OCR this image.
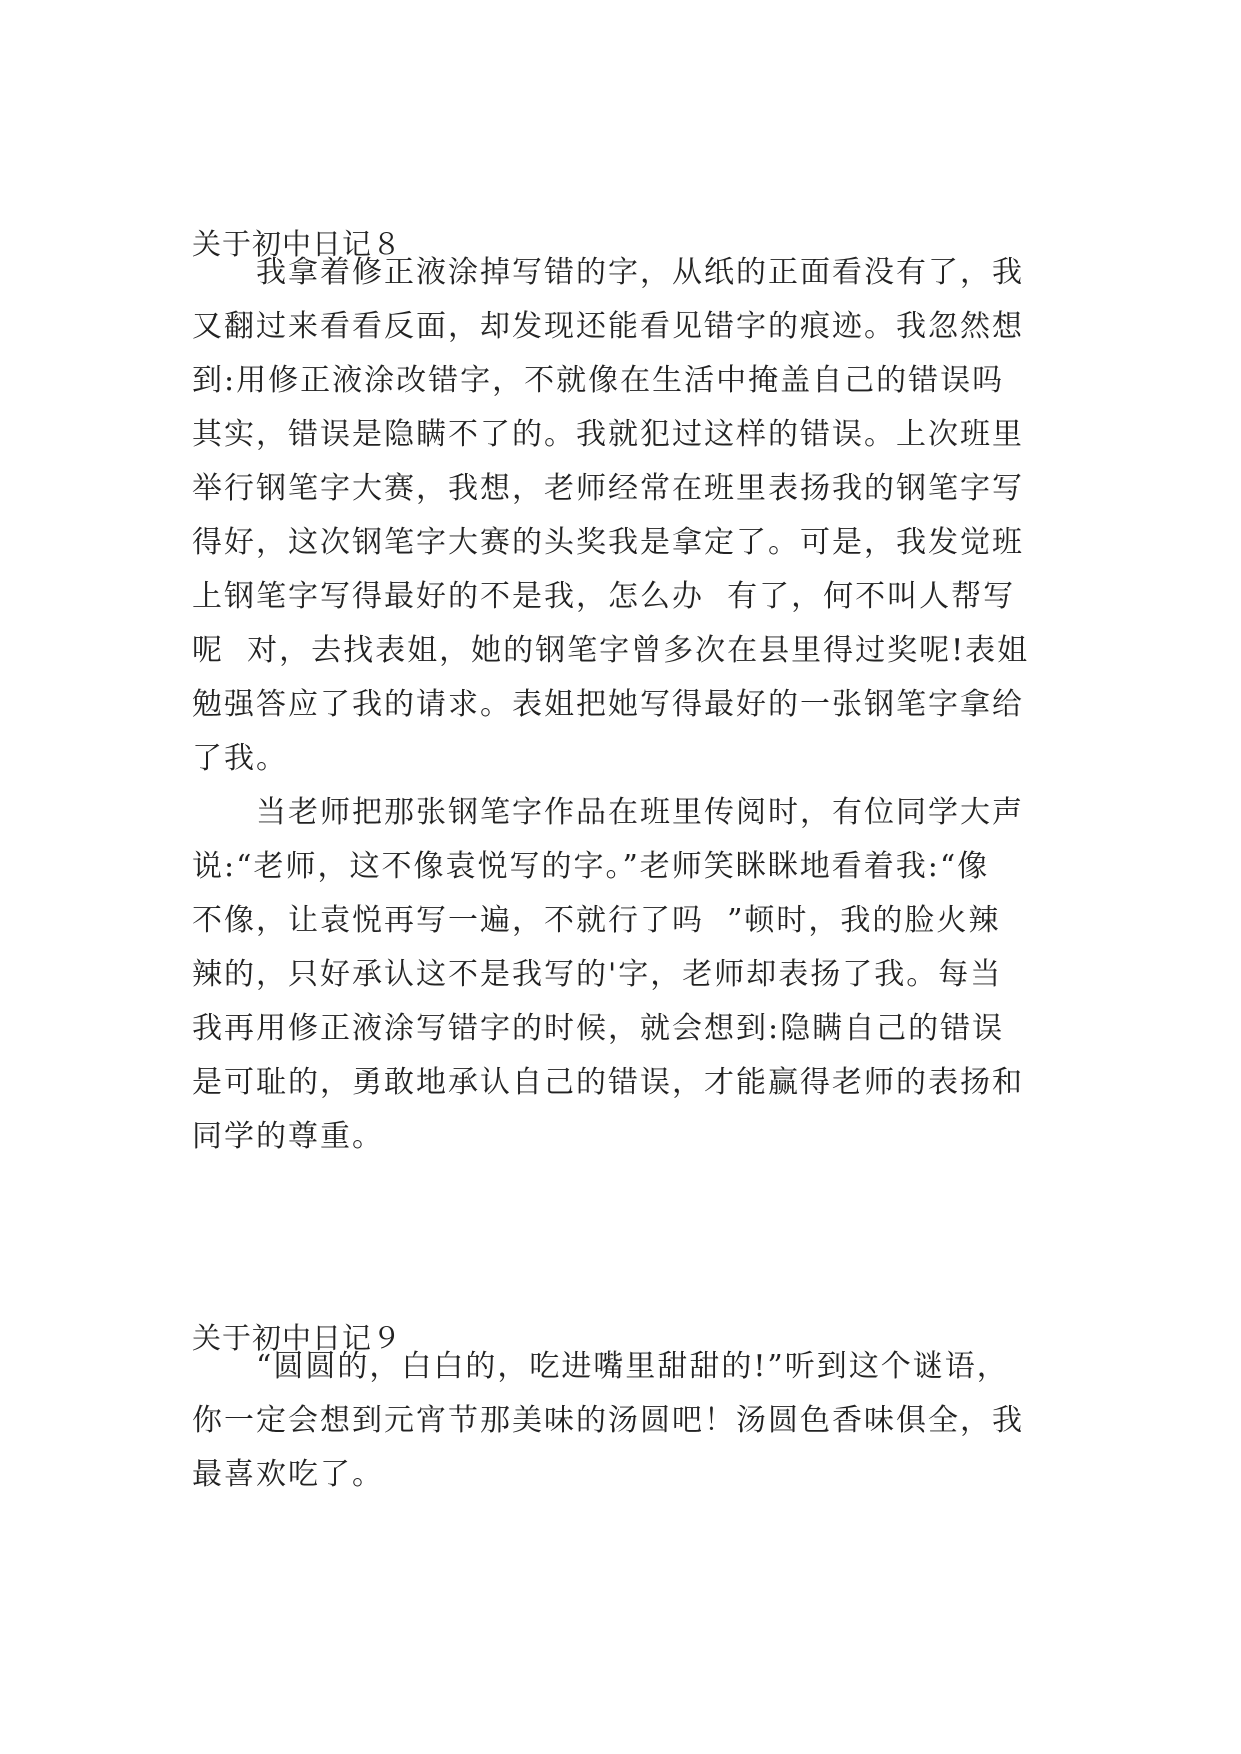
关于初中日记８

我拿着修正液涂掉写错的字，从纸的正面看没有了，我

又翻过来看看反面，却发现还能看见错字的痕迹。我忽然想

到:用修正液涂改错字，不就像在生活中掩盖自己的错误吗

其实，错误是隐瞒不了的。我就犯过这样的错误。上次班里

举行钢笔字大赛，我想，老师经常在班里表扬我的钢笔字写

得好，这次钢笔字大赛的头奖我是拿定了。可是，我发觉班

上钢笔字写得最好的不是我，怎么办  有了，何不叫人帮写

呢  对，去找表姐，她的钢笔字曾多次在县里得过奖呢!表姐

勉强答应了我的请求。表姐把她写得最好的一张钢笔字拿给

了我。

当老师把那张钢笔字作品在班里传阅时，有位同学大声

说:“老师，这不像袁悦写的字。”老师笑眯眯地看着我:“像

不像，让袁悦再写一遍，不就行了吗  ”顿时，我的脸火辣

辣的，只好承认这不是我写的'字，老师却表扬了我。每当

我再用修正液涂写错字的时候，就会想到:隐瞒自己的错误

是可耻的，勇敢地承认自己的错误，才能赢得老师的表扬和

同学的尊重。

关于初中日记９

“圆圆的，白白的，吃进嘴里甜甜的!”听到这个谜语，

你一定会想到元宵节那美味的汤圆吧！汤圆色香味俱全，我

最喜欢吃了。
